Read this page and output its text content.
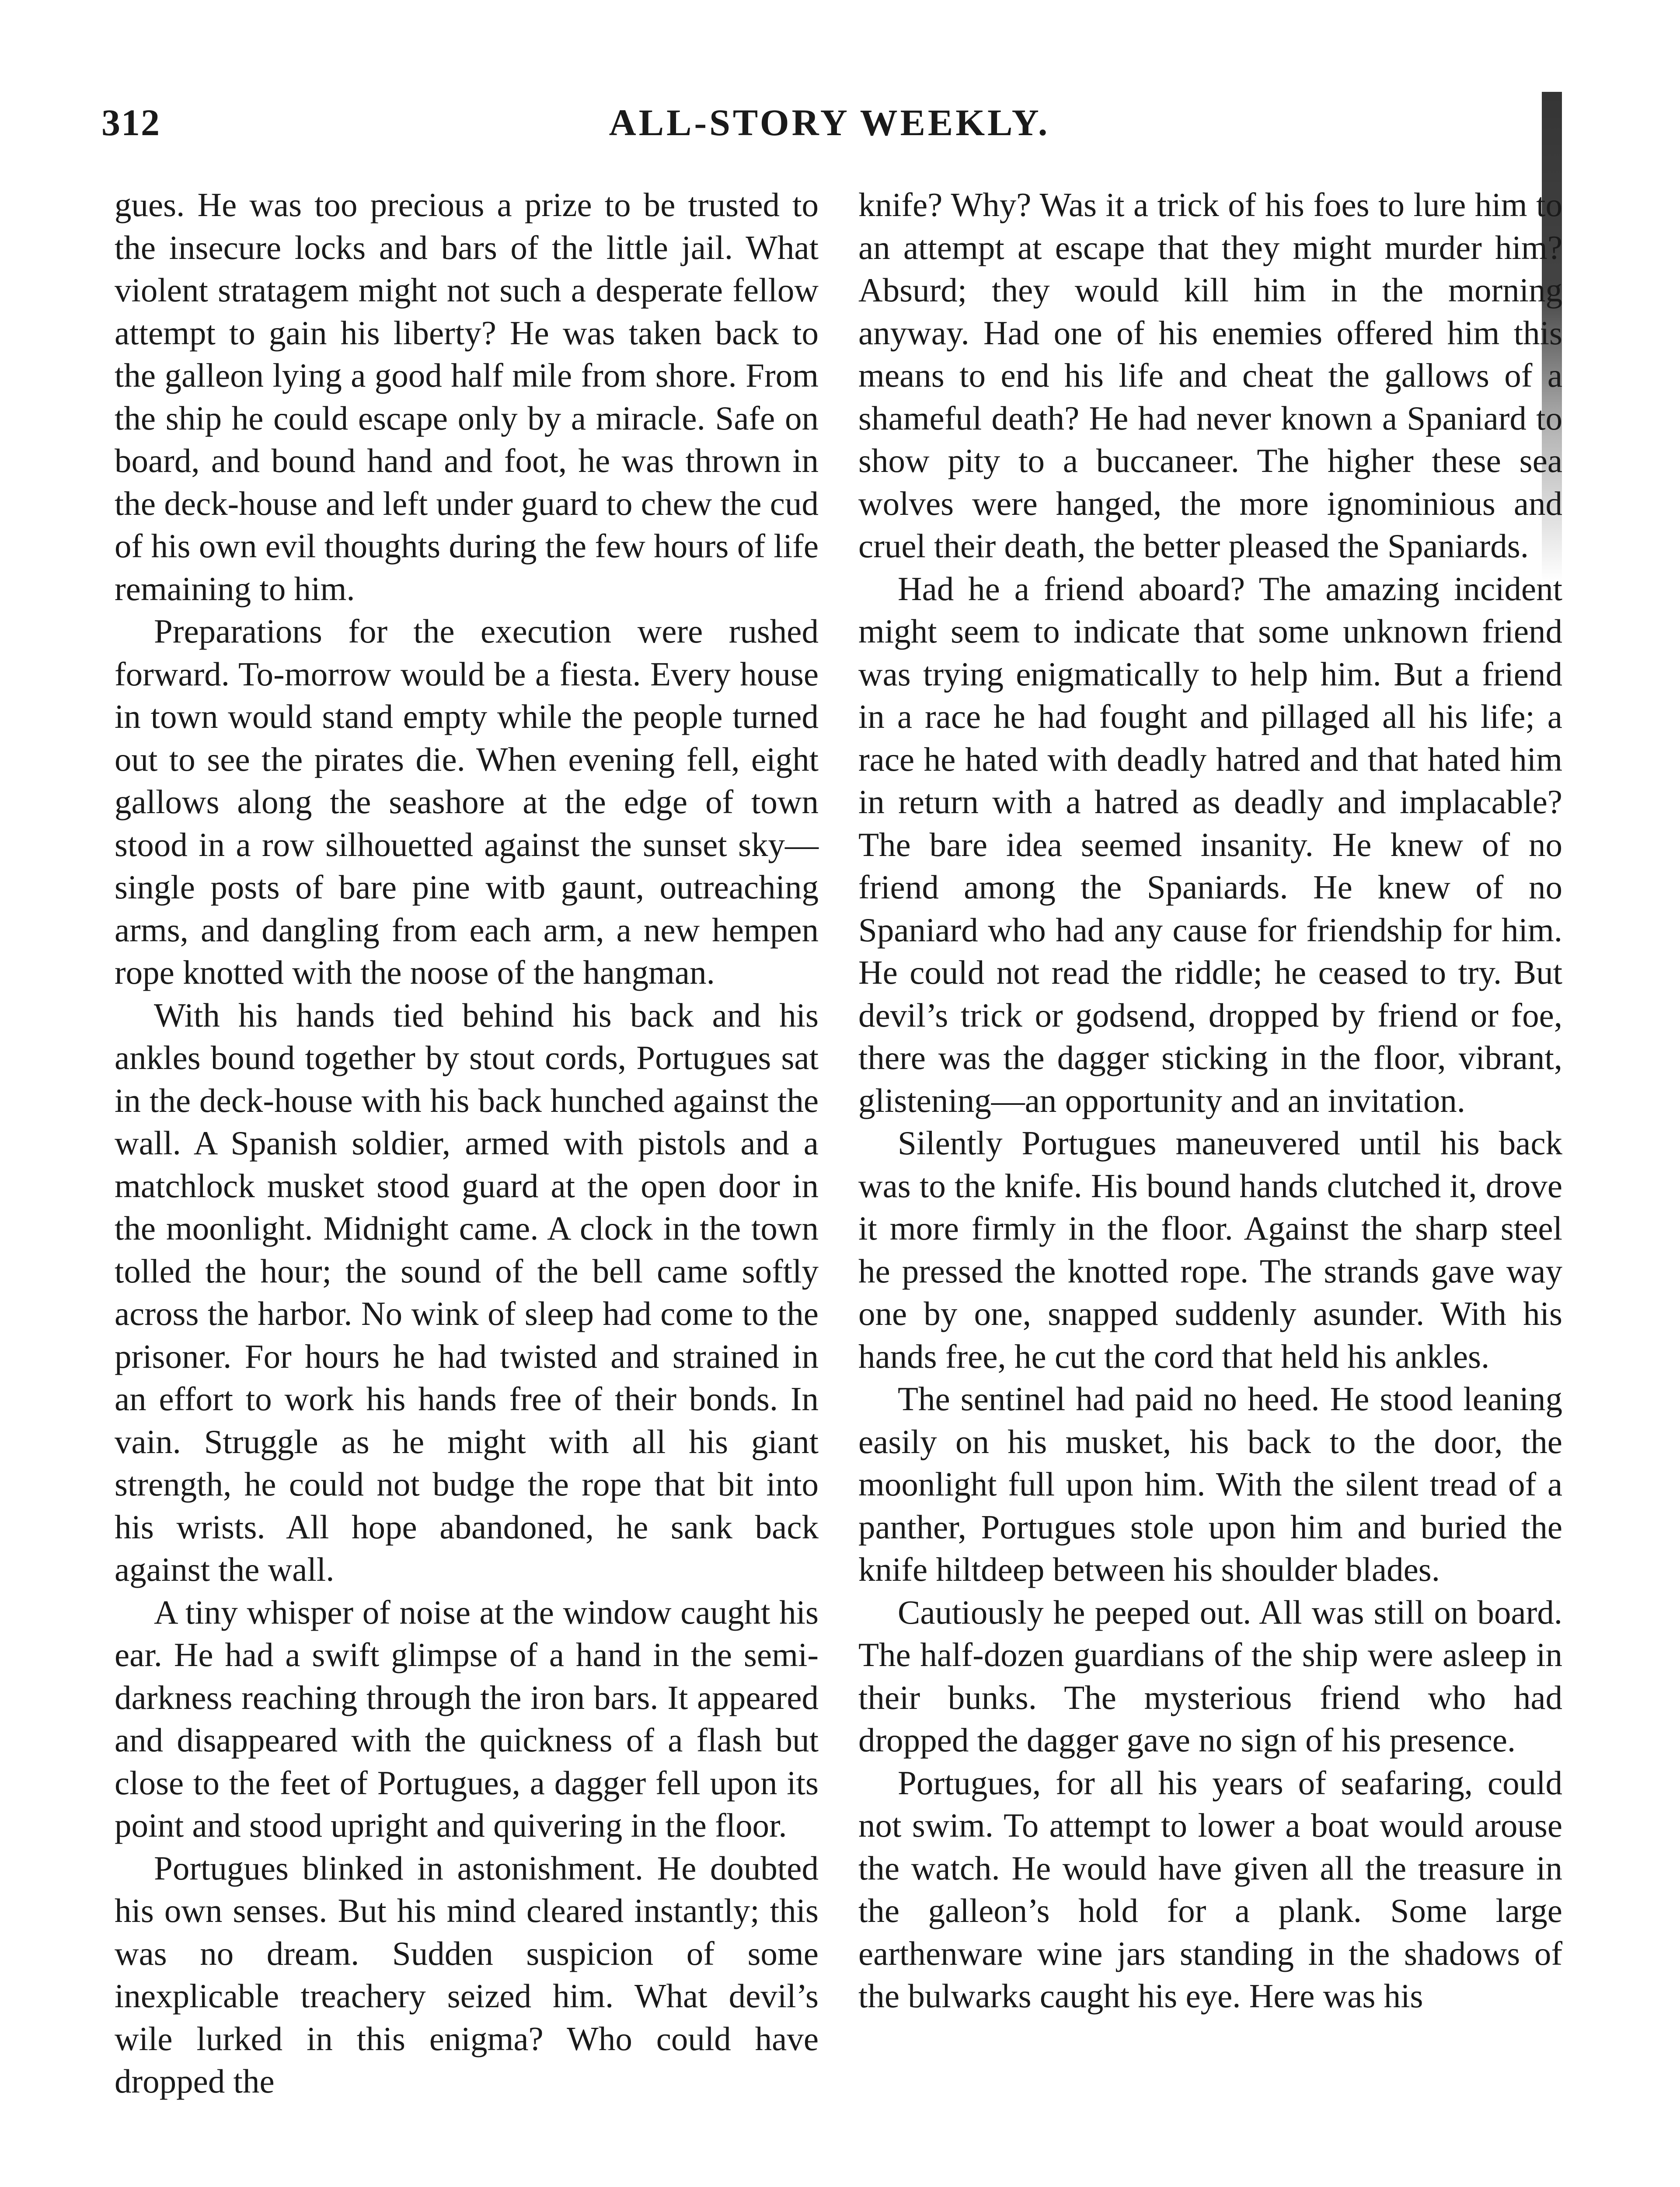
312	ALL-STORY WEEKLY.

gues. He was too precious a prize to be trusted to the insecure locks and bars of the little jail. What violent stratagem might not such a desperate fellow attempt to gain his liberty? He was taken back to the galleon lying a good half mile from shore. From the ship he could escape only by a miracle. Safe on board, and bound hand and foot, he was thrown in the deck-house and left under guard to chew the cud of his own evil thoughts during the few hours of life remaining to him.

Preparations for the execution were rushed forward. To-morrow would be a fiesta. Every house in town would stand empty while the people turned out to see the pirates die. When evening fell, eight gallows along the seashore at the edge of town stood in a row silhouetted against the sunset sky—single posts of bare pine witb gaunt, outreaching arms, and dangling from each arm, a new hempen rope knotted with the noose of the hangman.

With his hands tied behind his back and his ankles bound together by stout cords, Portugues sat in the deck-house with his back hunched against the wall. A Spanish soldier, armed with pistols and a matchlock musket stood guard at the open door in the moonlight. Midnight came. A clock in the town tolled the hour; the sound of the bell came softly across the harbor. No wink of sleep had come to the prisoner. For hours he had twisted and strained in an effort to work his hands free of their bonds. In vain. Struggle as he might with all his giant strength, he could not budge the rope that bit into his wrists. All hope abandoned, he sank back against the wall.

A tiny whisper of noise at the window caught his ear. He had a swift glimpse of a hand in the semi-darkness reaching through the iron bars. It appeared and disappeared with the quickness of a flash but close to the feet of Portugues, a dagger fell upon its point and stood upright and quivering in the floor.

Portugues blinked in astonishment. He doubted his own senses. But his mind cleared instantly; this was no dream. Sudden suspicion of some inexplicable treachery seized him. What devil’s wile lurked in this enigma? Who could have dropped the

knife? Why? Was it a trick of his foes to lure him to an attempt at escape that they might murder him? Absurd; they would kill him in the morning anyway. Had one of his enemies offered him this means to end his life and cheat the gallows of a shameful death? He had never known a Spaniard to show pity to a buccaneer. The higher these sea wolves were hanged, the more ignominious and cruel their death, the better pleased the Spaniards.

Had he a friend aboard? The amazing incident might seem to indicate that some unknown friend was trying enigmatically to help him. But a friend in a race he had fought and pillaged all his life; a race he hated with deadly hatred and that hated him in return with a hatred as deadly and implacable? The bare idea seemed insanity. He knew of no friend among the Spaniards. He knew of no Spaniard who had any cause for friendship for him. He could not read the riddle; he ceased to try. But devil’s trick or godsend, dropped by friend or foe, there was the dagger sticking in the floor, vibrant, glistening—an opportunity and an invitation.

Silently Portugues maneuvered until his back was to the knife. His bound hands clutched it, drove it more firmly in the floor. Against the sharp steel he pressed the knotted rope. The strands gave way one by one, snapped suddenly asunder. With his hands free, he cut the cord that held his ankles.

The sentinel had paid no heed. He stood leaning easily on his musket, his back to the door, the moonlight full upon him. With the silent tread of a panther, Portugues stole upon him and buried the knife hiltdeep between his shoulder blades.

Cautiously he peeped out. All was still on board. The half-dozen guardians of the ship were asleep in their bunks. The mysterious friend who had dropped the dagger gave no sign of his presence.

Portugues, for all his years of seafaring, could not swim. To attempt to lower a boat would arouse the watch. He would have given all the treasure in the galleon’s hold for a plank. Some large earthenware wine jars standing in the shadows of the bulwarks caught his eye. Here was his
